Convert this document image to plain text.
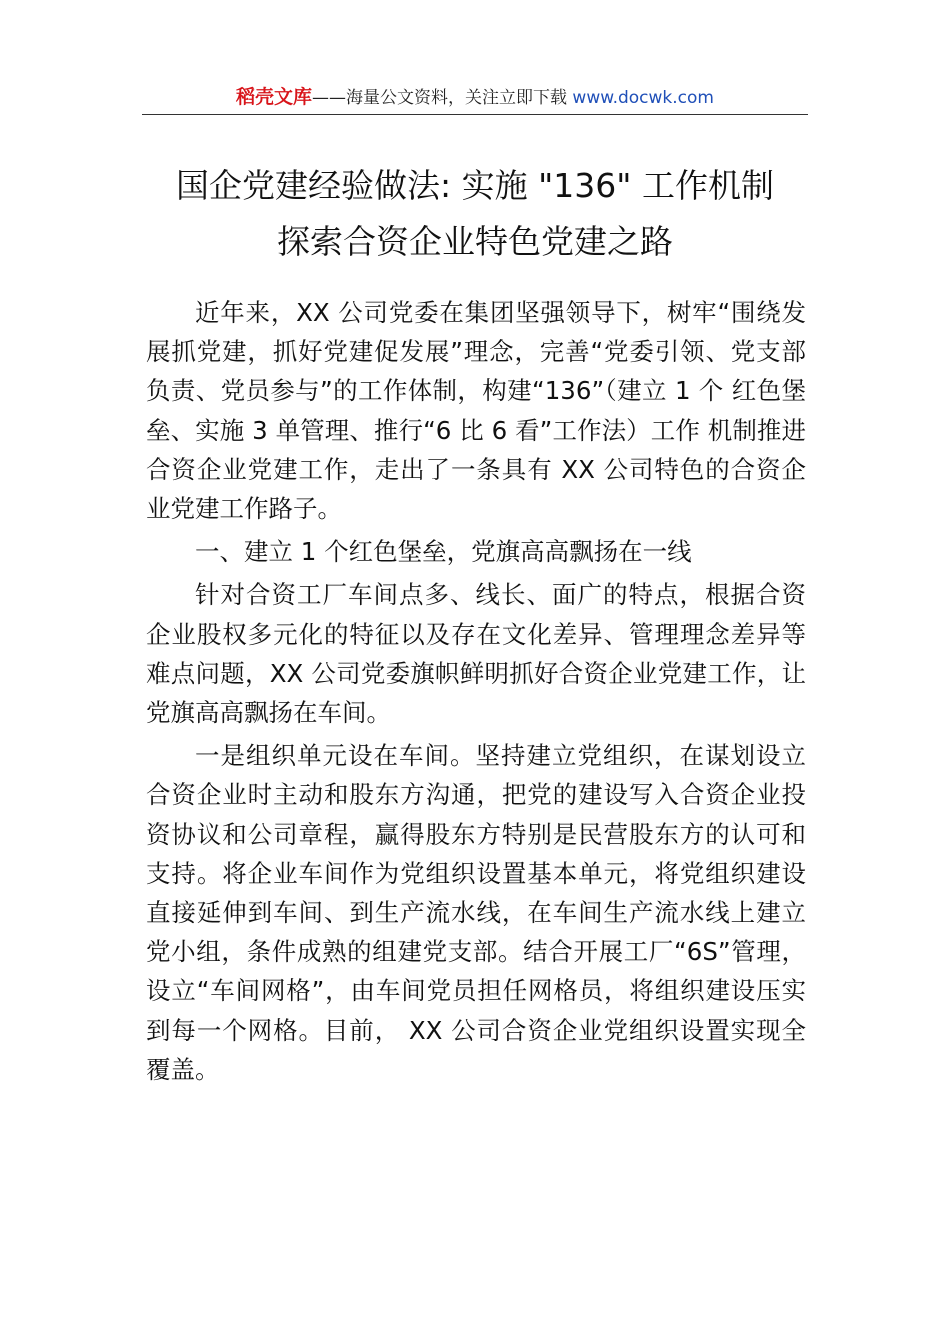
稻壳文库——海量公文资料，关注立即下载 www.docwk.com
国企党建经验做法: 实施 "136" 工作机制
探索合资企业特色党建之路

近年来，XX 公司党委在集团坚强领导下，树牢“围绕发展抓党建，抓好党建促发展”理念，完善“党委引领、党支部负责、党员参与”的工作体制，构建“136”（建立 1 个 红色堡垒、实施 3 单管理、推行“6 比 6 看”工作法）工作 机制推进合资企业党建工作，走出了一条具有 XX 公司特色的合资企业党建工作路子。

一、建立 1 个红色堡垒，党旗高高飘扬在一线

针对合资工厂车间点多、线长、面广的特点，根据合资企业股权多元化的特征以及存在文化差异、管理理念差异等难点问题，XX 公司党委旗帜鲜明抓好合资企业党建工作，让党旗高高飘扬在车间。

一是组织单元设在车间。坚持建立党组织，在谋划设立合资企业时主动和股东方沟通，把党的建设写入合资企业投资协议和公司章程，赢得股东方特别是民营股东方的认可和支持。将企业车间作为党组织设置基本单元，将党组织建设直接延伸到车间、到生产流水线，在车间生产流水线上建立党小组，条件成熟的组建党支部。结合开展工厂“6S”管理，设立“车间网格”，由车间党员担任网格员，将组织建设压实到每一个网格。目前， XX 公司合资企业党组织设置实现全覆盖。
